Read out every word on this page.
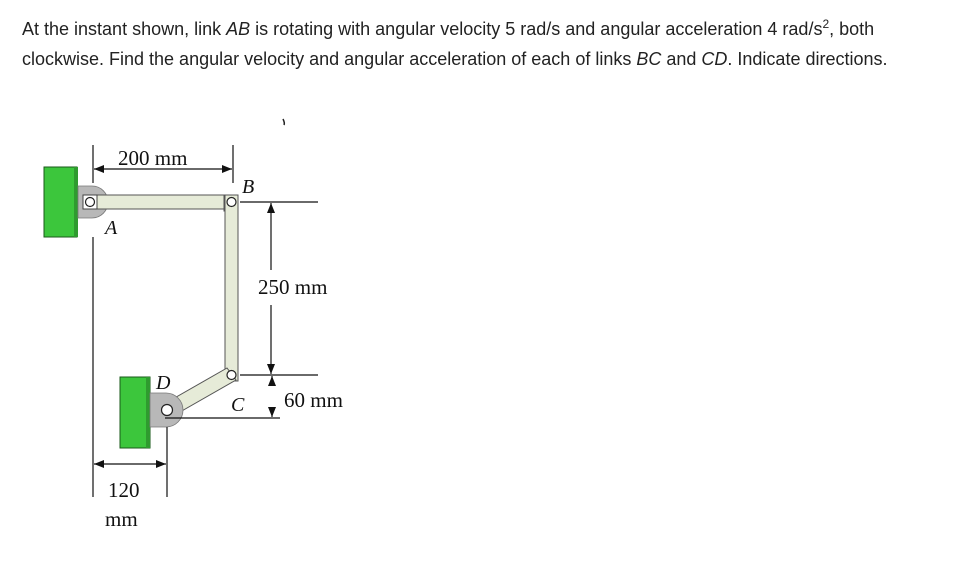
At the instant shown, link AB is rotating with angular velocity 5 rad/s and angular acceleration 4 rad/$s^2$, both clockwise. Find the angular velocity and angular acceleration of each of links BC and CD. Indicate directions.

200 mm
250 mm
60 mm
120
mm
A
B
C
D
